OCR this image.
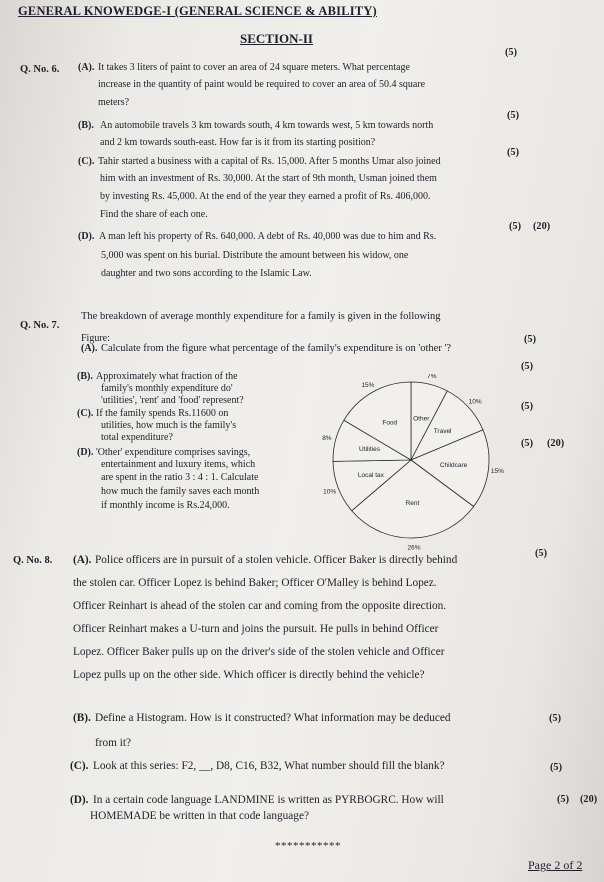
GENERAL KNOWEDGE-I (GENERAL SCIENCE & ABILITY)
SECTION-II
Q. No. 6. (A). It takes 3 liters of paint to cover an area of 24 square meters. What percentage
increase in the quantity of paint would be required to cover an area of 50.4 square
meters?
(5)
(B). An automobile travels 3 km towards south, 4 km towards west, 5 km towards north
and 2 km towards south-east. How far is it from its starting position?
(5)
(C). Tahir started a business with a capital of Rs. 15,000. After 5 months Umar also joined
him with an investment of Rs. 30,000. At the start of 9th month, Usman joined them
by investing Rs. 45,000. At the end of the year they earned a profit of Rs. 406,000.
Find the share of each one.
(5)
(D). A man left his property of Rs. 640,000. A debt of Rs. 40,000 was due to him and Rs.
5,000 was spent on his burial. Distribute the amount between his widow, one
daughter and two sons according to the Islamic Law.
(5) (20)
Q. No. 7.
The breakdown of average monthly expenditure for a family is given in the following
Figure:
(A). Calculate from the figure what percentage of the family's expenditure is on 'other '?
(5)
(B). Approximately what fraction of the
family's monthly expenditure do'
'utilities', 'rent' and 'food' represent?
(5)
(C). If the family spends Rs.11600 on
utilities, how much is the family's
total expenditure?
(5)
(D). 'Other' expenditure comprises savings,
entertainment and luxury items, which
are spent in the ratio 3 : 4 : 1. Calculate
how much the family saves each month
if monthly income is Rs.24,000.
(5) (20)
Other
7%
Travel
10%
Childcare
15%
Rent
26%
Local tax
10%
Utilities
8%
Food
15%
Q. No. 8. (A). Police officers are in pursuit of a stolen vehicle. Officer Baker is directly behind
the stolen car. Officer Lopez is behind Baker; Officer O'Malley is behind Lopez.
Officer Reinhart is ahead of the stolen car and coming from the opposite direction.
Officer Reinhart makes a U-turn and joins the pursuit. He pulls in behind Officer
Lopez. Officer Baker pulls up on the driver's side of the stolen vehicle and Officer
Lopez pulls up on the other side. Which officer is directly behind the vehicle?
(5)
(B). Define a Histogram. How is it constructed? What information may be deduced
from it?
(5)
(C). Look at this series: F2, __, D8, C16, B32, What number should fill the blank?	(5)
(D). In a certain code language LANDMINE is written as PYRBOGRC. How will
HOMEMADE be written in that code language?
(5) (20)
***********
Page 2 of 2
